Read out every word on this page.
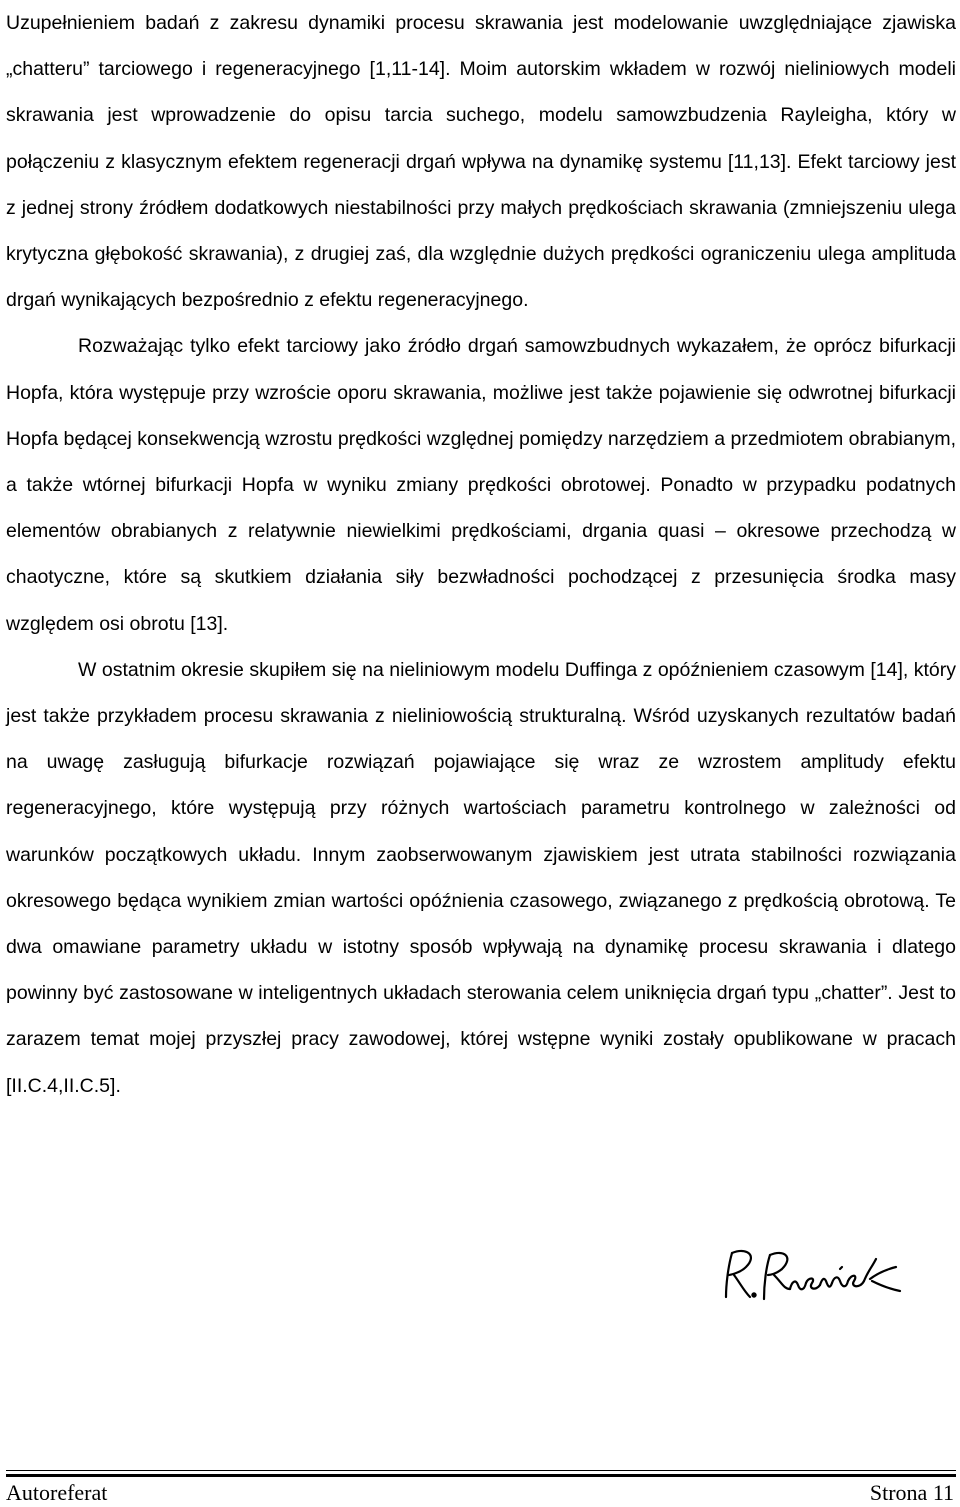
Uzupełnieniem badań z zakresu dynamiki procesu skrawania jest modelowanie uwzględniające zjawiska „chatteru” tarciowego i regeneracyjnego [1,11-14]. Moim autorskim wkładem w rozwój nieliniowych modeli skrawania jest wprowadzenie do opisu tarcia suchego, modelu samowzbudzenia Rayleigha, który w połączeniu z klasycznym efektem regeneracji drgań wpływa na dynamikę systemu [11,13]. Efekt tarciowy jest z jednej strony źródłem dodatkowych niestabilności przy małych prędkościach skrawania (zmniejszeniu ulega krytyczna głębokość skrawania), z drugiej zaś, dla względnie dużych prędkości ograniczeniu ulega amplituda drgań wynikających bezpośrednio z efektu regeneracyjnego.

Rozważając tylko efekt tarciowy jako źródło drgań samowzbudnych wykazałem, że oprócz bifurkacji Hopfa, która występuje przy wzroście oporu skrawania, możliwe jest także pojawienie się odwrotnej bifurkacji Hopfa będącej konsekwencją wzrostu prędkości względnej pomiędzy narzędziem a przedmiotem obrabianym, a także wtórnej bifurkacji Hopfa w wyniku zmiany prędkości obrotowej. Ponadto w przypadku podatnych elementów obrabianych z relatywnie niewielkimi prędkościami, drgania quasi – okresowe przechodzą w chaotyczne, które są skutkiem działania siły bezwładności pochodzącej z przesunięcia środka masy względem osi obrotu [13].

W ostatnim okresie skupiłem się na nieliniowym modelu Duffinga z opóźnieniem czasowym [14], który jest także przykładem procesu skrawania z nieliniowością strukturalną. Wśród uzyskanych rezultatów badań na uwagę zasługują bifurkacje rozwiązań pojawiające się wraz ze wzrostem amplitudy efektu regeneracyjnego, które występują przy różnych wartościach parametru kontrolnego w zależności od warunków początkowych układu. Innym zaobserwowanym zjawiskiem jest utrata stabilności rozwiązania okresowego będąca wynikiem zmian wartości opóźnienia czasowego, związanego z prędkością obrotową. Te dwa omawiane parametry układu w istotny sposób wpływają na dynamikę procesu skrawania i dlatego powinny być zastosowane w inteligentnych układach sterowania celem uniknięcia drgań typu „chatter”. Jest to zarazem temat mojej przyszłej pracy zawodowej, której wstępne wyniki zostały opublikowane w pracach [II.C.4,II.C.5].

Autoreferat	Strona 11
